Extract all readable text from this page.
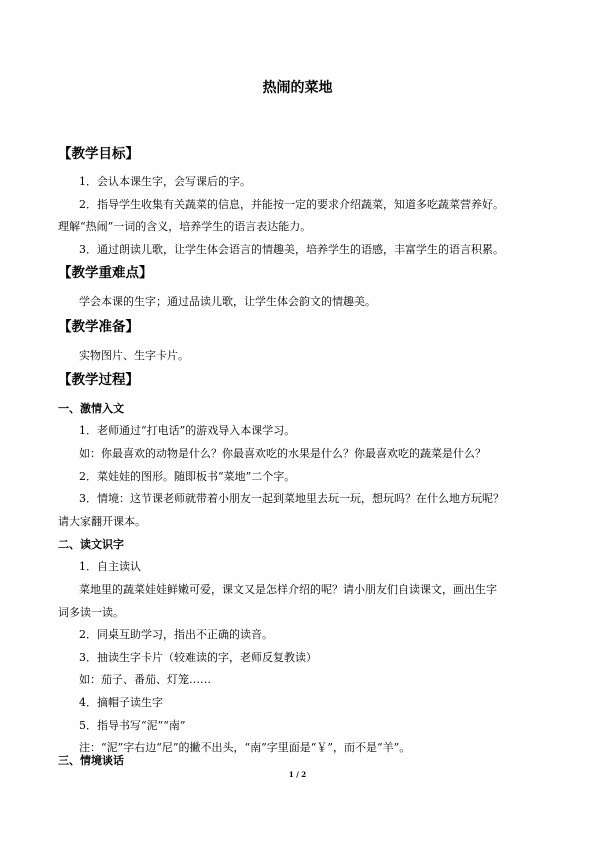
热闹的菜地
【教学目标】
1．会认本课生字，会写课后的字。
2．指导学生收集有关蔬菜的信息，并能按一定的要求介绍蔬菜，知道多吃蔬菜营养好。
理解“热闹”一词的含义，培养学生的语言表达能力。
3．通过朗读儿歌，让学生体会语言的情趣美，培养学生的语感，丰富学生的语言积累。
【教学重难点】
学会本课的生字；通过品读儿歌，让学生体会韵文的情趣美。
【教学准备】
实物图片、生字卡片。
【教学过程】
一、激情入文
1．老师通过“打电话”的游戏导入本课学习。
如：你最喜欢的动物是什么？你最喜欢吃的水果是什么？你最喜欢吃的蔬菜是什么？
2．菜娃娃的图形。随即板书“菜地”二个字。
3．情境：这节课老师就带着小朋友一起到菜地里去玩一玩，想玩吗？在什么地方玩呢？
请大家翻开课本。
二、读文识字
1．自主读认
菜地里的蔬菜娃娃鲜嫩可爱，课文又是怎样介绍的呢？请小朋友们自读课文，画出生字
词多读一读。
2．同桌互助学习，指出不正确的读音。
3．抽读生字卡片（较难读的字，老师反复教读）
如：茄子、番茄、灯笼……
4．摘帽子读生字
5．指导书写“泥”“南”
注：“泥”字右边“尼”的撇不出头，“南”字里面是“￥”，而不是“羊”。
三、情境谈话
1 / 2
